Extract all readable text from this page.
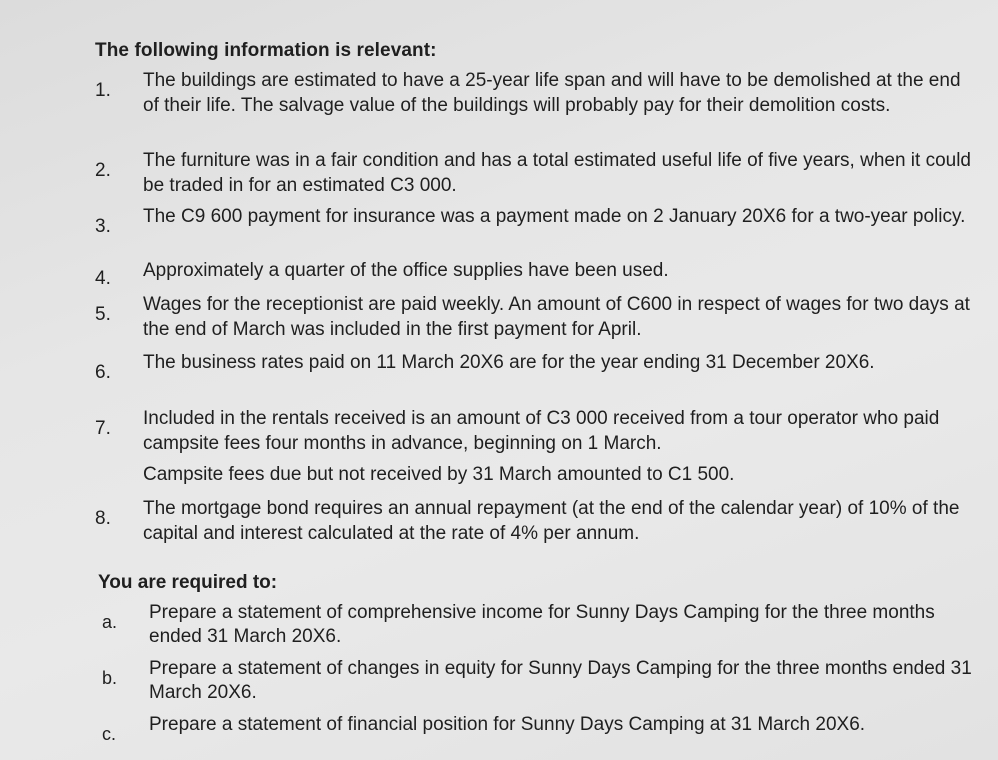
The following information is relevant:
1. The buildings are estimated to have a 25-year life span and will have to be demolished at the end of their life. The salvage value of the buildings will probably pay for their demolition costs.
2. The furniture was in a fair condition and has a total estimated useful life of five years, when it could be traded in for an estimated C3 000.
3. The C9 600 payment for insurance was a payment made on 2 January 20X6 for a two-year policy.
4. Approximately a quarter of the office supplies have been used.
5. Wages for the receptionist are paid weekly. An amount of C600 in respect of wages for two days at the end of March was included in the first payment for April.
6. The business rates paid on 11 March 20X6 are for the year ending 31 December 20X6.
7. Included in the rentals received is an amount of C3 000 received from a tour operator who paid campsite fees four months in advance, beginning on 1 March.
Campsite fees due but not received by 31 March amounted to C1 500.
8. The mortgage bond requires an annual repayment (at the end of the calendar year) of 10% of the capital and interest calculated at the rate of 4% per annum.
You are required to:
a. Prepare a statement of comprehensive income for Sunny Days Camping for the three months ended 31 March 20X6.
b. Prepare a statement of changes in equity for Sunny Days Camping for the three months ended 31 March 20X6.
c. Prepare a statement of financial position for Sunny Days Camping at 31 March 20X6.
